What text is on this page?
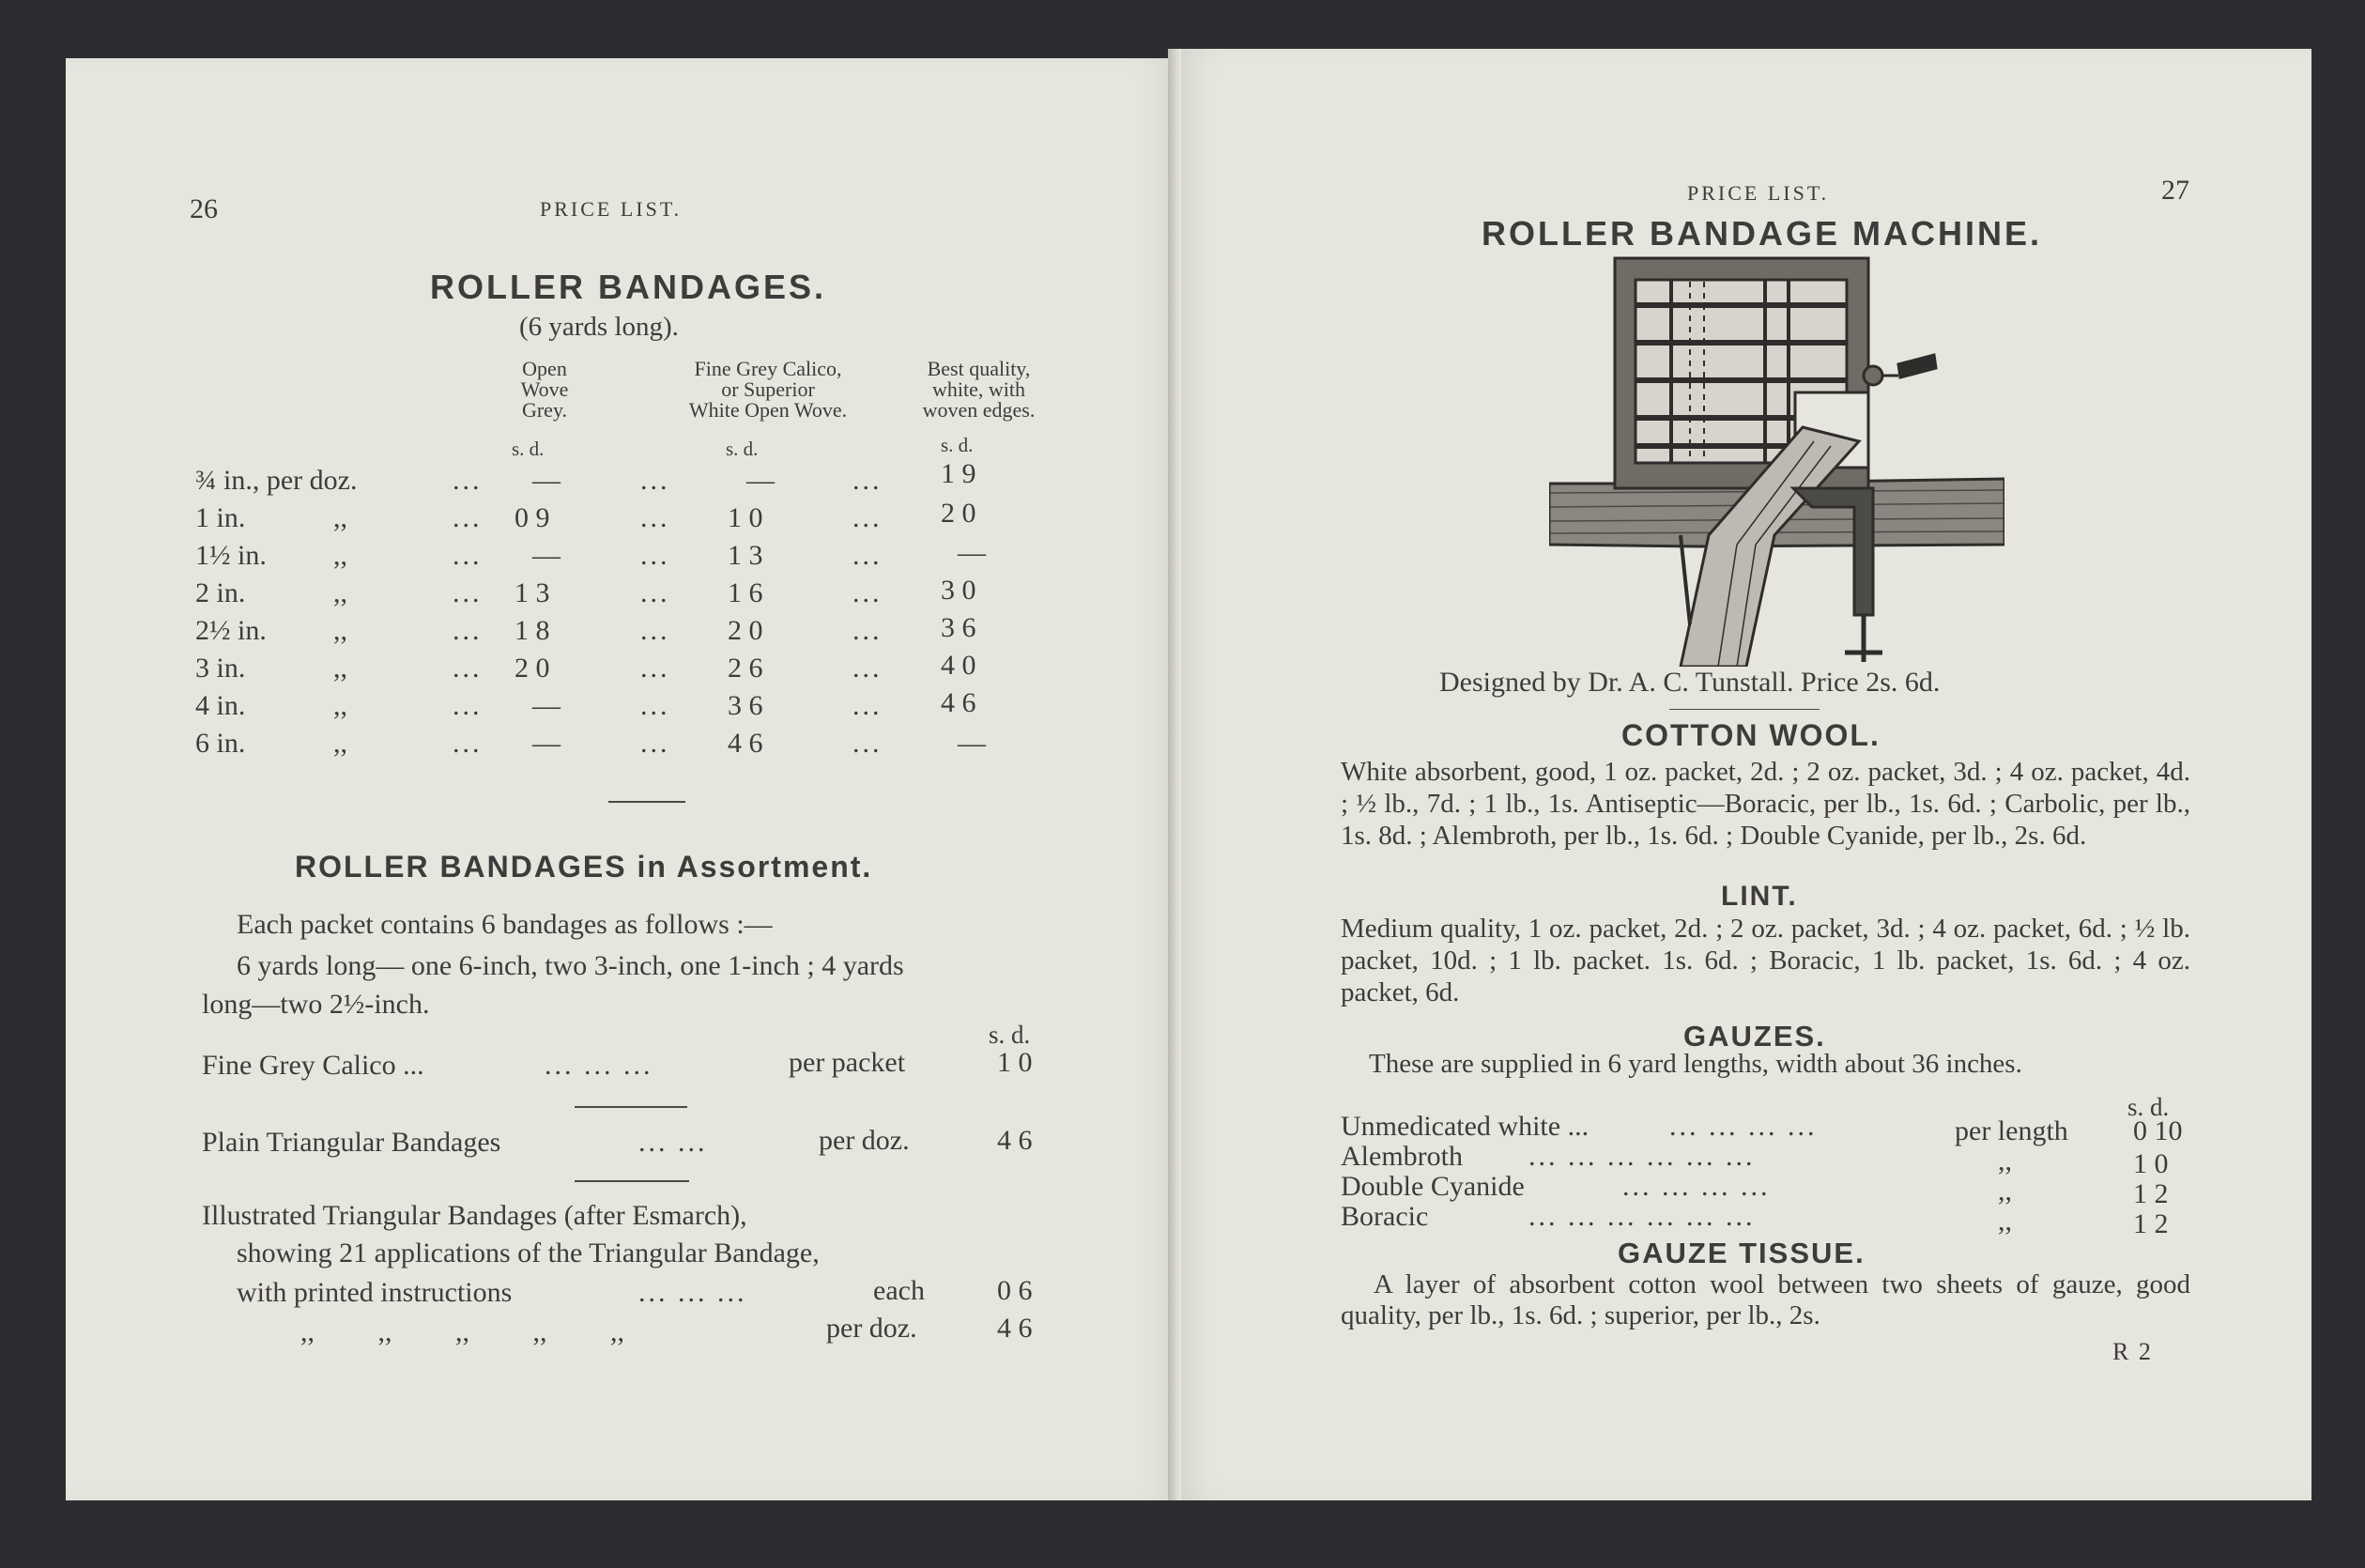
26	PRICE LIST.
ROLLER BANDAGES.
(6 yards long).
Open
Wove
Grey.
Fine Grey Calico,
or Superior
White Open Wove.
Best quality,
white, with
woven edges.
s. d.	s. d.	s. d.
¾ in., per doz.	... —	...	—	... 1 9
1 in.	,,	... 0 9	... 1 0	... 2 0
1½ in. ,,	... —	... 1 3	...	—
2 in.	,,	... 1 3	... 1 6	... 3 0
2½ in. ,,	... 1 8	... 2 0	... 3 6
3 in.	,,	... 2 0	... 2 6	... 4 0
4 in.	,,	... —	... 3 6	... 4 6
6 in.	,,	... —	... 4 6	...	—
ROLLER BANDAGES in Assortment.
Each packet contains 6 bandages as follows :—
6 yards long— one 6-inch, two 3-inch, one 1-inch ; 4 yards
long—two 2½-inch.
s. d.
Fine Grey Calico ...	... ... ...	per packet	1 0
Plain Triangular Bandages	... ...	per doz.	4 6
Illustrated Triangular Bandages (after Esmarch),
showing 21 applications of the Triangular Bandage,
with printed instructions	... ... ...	each	0 6
,,         ,,         ,,         ,,         ,,	per doz.	4 6
PRICE LIST.	27
ROLLER BANDAGE MACHINE.
Designed by Dr. A. C. Tunstall. Price 2s. 6d.
COTTON WOOL.
White absorbent, good, 1 oz. packet, 2d. ; 2 oz. packet, 3d. ; 4 oz. packet, 4d. ; ½ lb., 7d. ; 1 lb., 1s. Antiseptic—Boracic, per lb., 1s. 6d. ; Carbolic, per lb., 1s. 8d. ; Alembroth, per lb., 1s. 6d. ; Double Cyanide, per lb., 2s. 6d.
LINT.
Medium quality, 1 oz. packet, 2d. ; 2 oz. packet, 3d. ; 4 oz. packet, 6d. ; ½ lb. packet, 10d. ; 1 lb. packet. 1s. 6d. ; Boracic, 1 lb. packet, 1s. 6d. ; 4 oz. packet, 6d.
GAUZES.
These are supplied in 6 yard lengths, width about 36 inches.
s. d.
Unmedicated white ...	... ... ... ...	per length 0 10
Alembroth ... ... ... ... ... ...	,,	1 0
Double Cyanide	... ... ... ...	,,	1 2
Boracic	... ... ... ... ... ...	,,	1 2
GAUZE TISSUE.
A layer of absorbent cotton wool between two sheets of gauze, good quality, per lb., 1s. 6d. ; superior, per lb., 2s.
R 2
